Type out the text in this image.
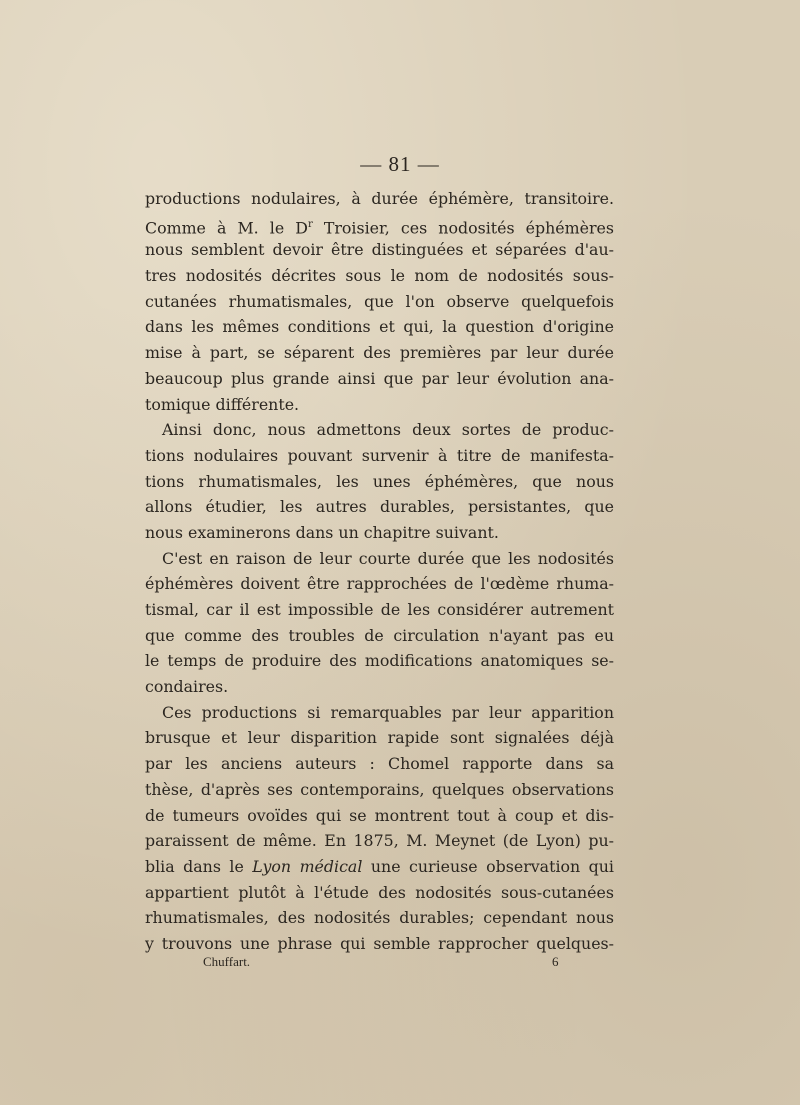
— 81 —
productions nodulaires, à durée éphémère, transitoire.
Comme à M. le $D^r$ Troisier, ces nodosités éphémères
nous semblent devoir être distinguées et séparées d'au-
tres nodosités décrites sous le nom de nodosités sous-
cutanées rhumatismales, que l'on observe quelquefois
dans les mêmes conditions et qui, la question d'origine
mise à part, se séparent des premières par leur durée
beaucoup plus grande ainsi que par leur évolution ana-
tomique différente.
Ainsi donc, nous admettons deux sortes de produc-
tions nodulaires pouvant survenir à titre de manifesta-
tions rhumatismales, les unes éphémères, que nous
allons étudier, les autres durables, persistantes, que
nous examinerons dans un chapitre suivant.
C'est en raison de leur courte durée que les nodosités
éphémères doivent être rapprochées de l'œdème rhuma-
tismal, car il est impossible de les considérer autrement
que comme des troubles de circulation n'ayant pas eu
le temps de produire des modifications anatomiques se-
condaires.
Ces productions si remarquables par leur apparition
brusque et leur disparition rapide sont signalées déjà
par les anciens auteurs : Chomel rapporte dans sa
thèse, d'après ses contemporains, quelques observations
de tumeurs ovoïdes qui se montrent tout à coup et dis-
paraissent de même. En 1875, M. Meynet (de Lyon) pu-
blia dans le Lyon médical une curieuse observation qui
appartient plutôt à l'étude des nodosités sous-cutanées
rhumatismales, des nodosités durables; cependant nous
y trouvons une phrase qui semble rapprocher quelques-
Chuffart.	6
